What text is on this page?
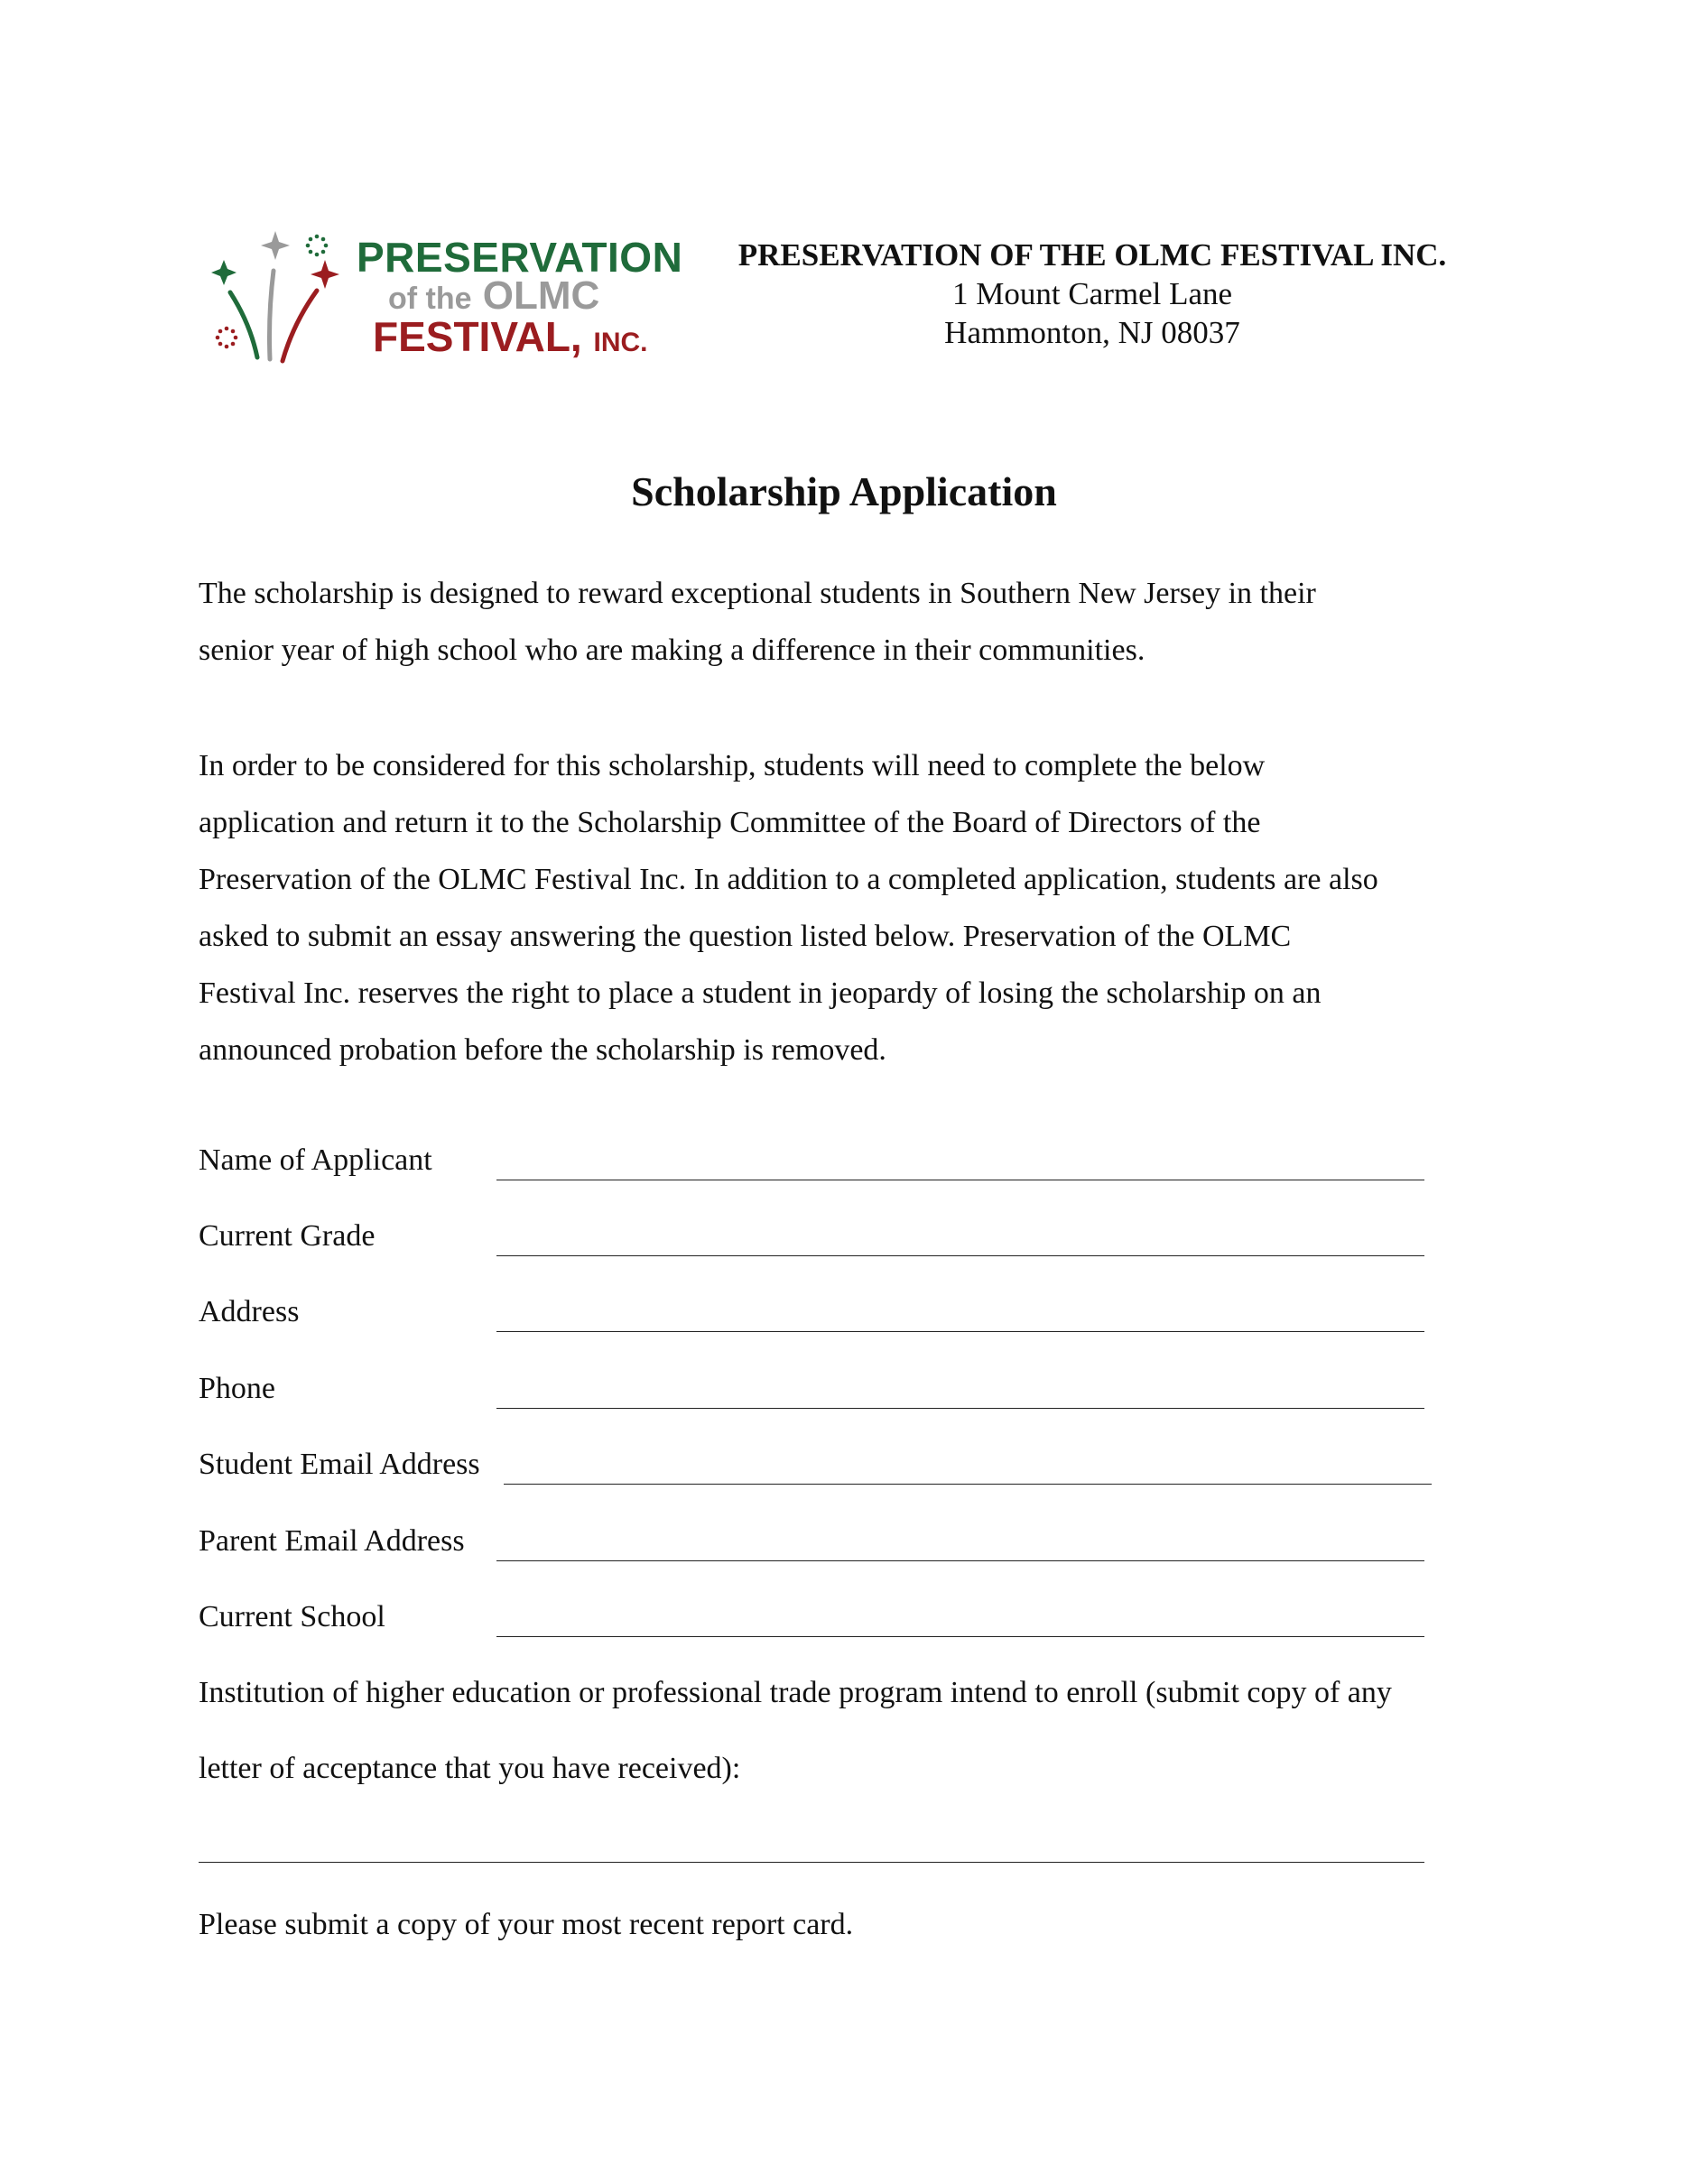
PRESERVATION
of the OLMC
FESTIVAL, INC.
PRESERVATION OF THE OLMC FESTIVAL INC.
1 Mount Carmel Lane
Hammonton, NJ 08037
Scholarship Application
The scholarship is designed to reward exceptional students in Southern New Jersey in their
senior year of high school who are making a difference in their communities.
In order to be considered for this scholarship, students will need to complete the below
application and return it to the Scholarship Committee of the Board of Directors of the
Preservation of the OLMC Festival Inc. In addition to a completed application, students are also
asked to submit an essay answering the question listed below. Preservation of the OLMC
Festival Inc. reserves the right to place a student in jeopardy of losing the scholarship on an
announced probation before the scholarship is removed.
Name of Applicant
Current Grade
Address
Phone
Student Email Address
Parent Email Address
Current School
Institution of higher education or professional trade program intend to enroll (submit copy of any
letter of acceptance that you have received):
Please submit a copy of your most recent report card.
